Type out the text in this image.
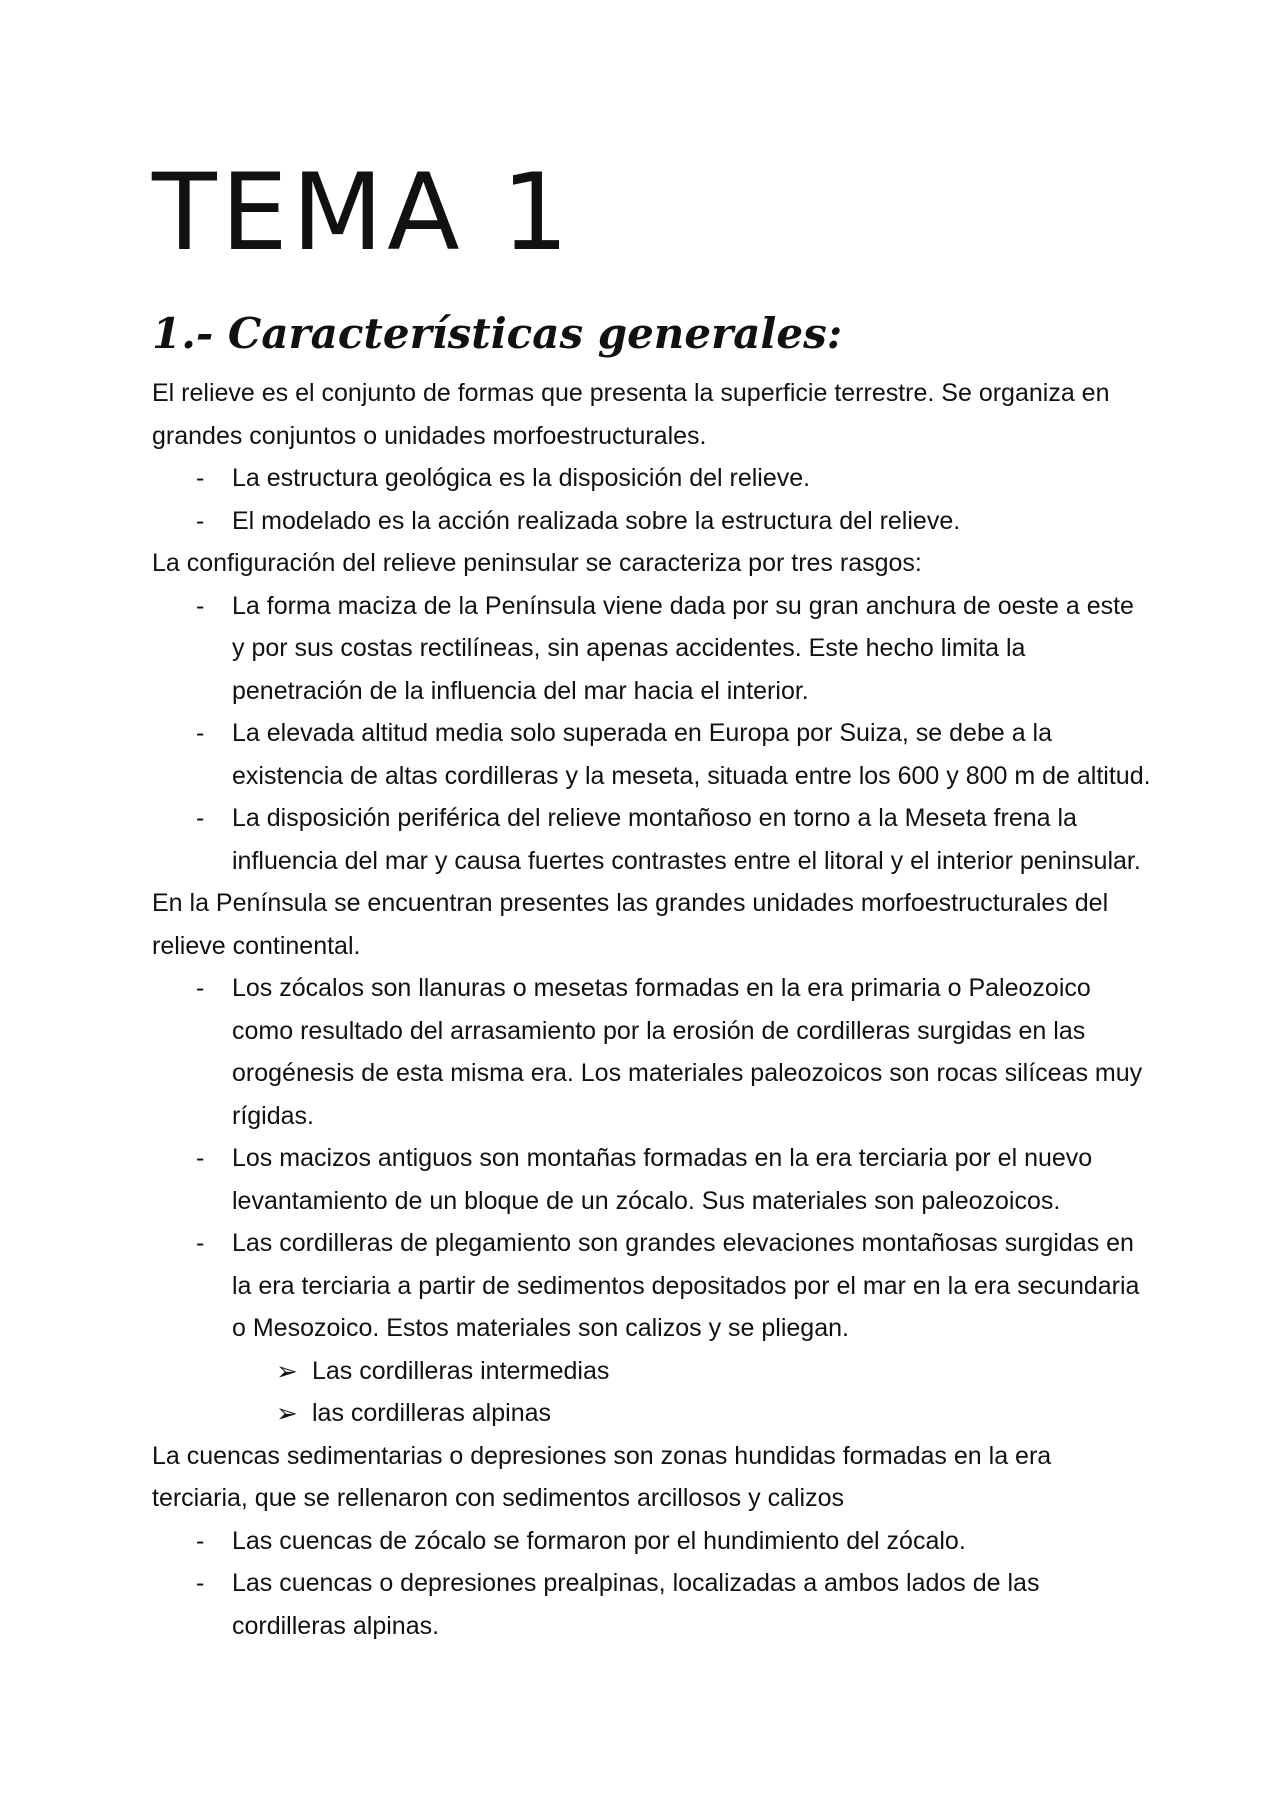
TEMA 1
1.- Características generales:

El relieve es el conjunto de formas que presenta la superficie terrestre. Se organiza en grandes conjuntos o unidades morfoestructurales.

- La estructura geológica es la disposición del relieve.
- El modelado es la acción realizada sobre la estructura del relieve.

La configuración del relieve peninsular se caracteriza por tres rasgos:

- La forma maciza de la Península viene dada por su gran anchura de oeste a este y por sus costas rectilíneas, sin apenas accidentes. Este hecho limita la penetración de la influencia del mar hacia el interior.
- La elevada altitud media solo superada en Europa por Suiza, se debe a la existencia de altas cordilleras y la meseta, situada entre los 600 y 800 m de altitud.
- La disposición periférica del relieve montañoso en torno a la Meseta frena la influencia del mar y causa fuertes contrastes entre el litoral y el interior peninsular.

En la Península se encuentran presentes las grandes unidades morfoestructurales del relieve continental.

- Los zócalos son llanuras o mesetas formadas en la era primaria o Paleozoico como resultado del arrasamiento por la erosión de cordilleras surgidas en las orogénesis de esta misma era. Los materiales paleozoicos son rocas silíceas muy rígidas.
- Los macizos antiguos son montañas formadas en la era terciaria por el nuevo levantamiento de un bloque de un zócalo. Sus materiales son paleozoicos.
- Las cordilleras de plegamiento son grandes elevaciones montañosas surgidas en la era terciaria a partir de sedimentos depositados por el mar en la era secundaria o Mesozoico. Estos materiales son calizos y se pliegan.
➢ Las cordilleras intermedias
➢ las cordilleras alpinas

La cuencas sedimentarias o depresiones son zonas hundidas formadas en la era terciaria, que se rellenaron con sedimentos arcillosos y calizos

- Las cuencas de zócalo se formaron por el hundimiento del zócalo.
- Las cuencas o depresiones prealpinas, localizadas a ambos lados de las cordilleras alpinas.
